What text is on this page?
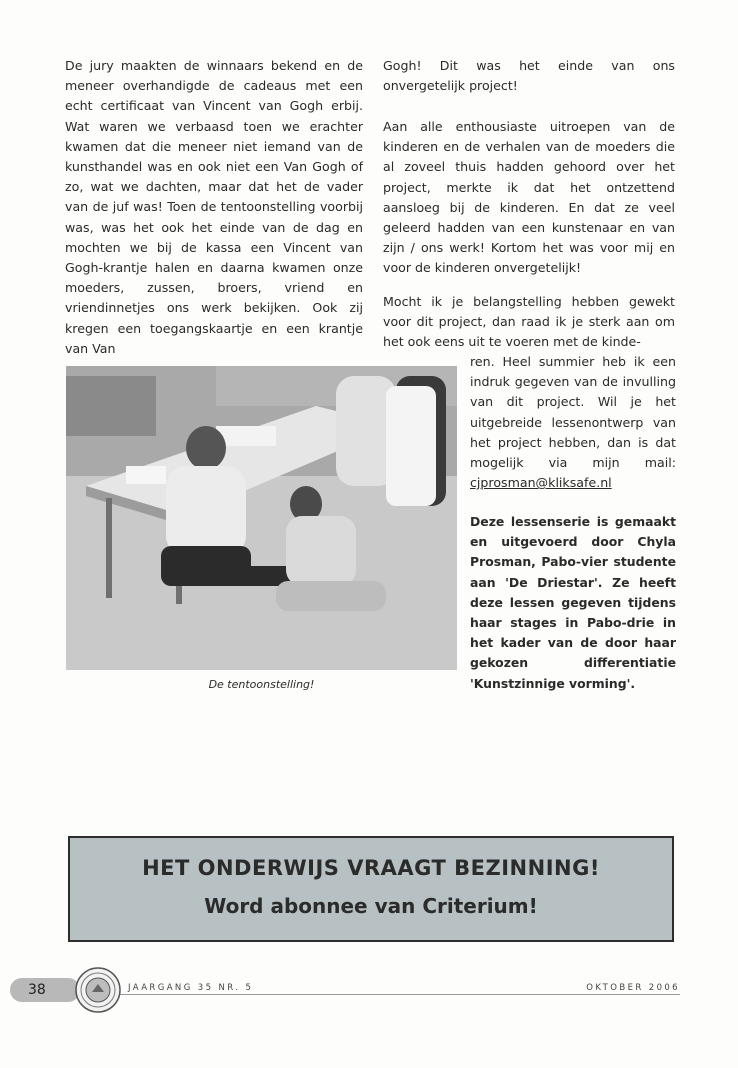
De jury maakten de winnaars bekend en de meneer overhandigde de cadeaus met een echt certificaat van Vincent van Gogh erbij. Wat waren we verbaasd toen we erachter kwamen dat die meneer niet iemand van de kunsthandel was en ook niet een Van Gogh of zo, wat we dachten, maar dat het de vader van de juf was! Toen de tentoonstelling voorbij was, was het ook het einde van de dag en mochten we bij de kassa een Vincent van Gogh-krantje halen en daarna kwamen onze moeders, zussen, broers, vriend en vriendinnetjes ons werk bekijken. Ook zij kregen een toegangskaartje en een krantje van Van

Gogh! Dit was het einde van ons onvergetelijk project!

Aan alle enthousiaste uitroepen van de kinderen en de verhalen van de moeders die al zoveel thuis hadden gehoord over het project, merkte ik dat het ontzettend aansloeg bij de kinderen. En dat ze veel geleerd hadden van een kunstenaar en van zijn / ons werk! Kortom het was voor mij en voor de kinderen onvergetelijk!

Mocht ik je belangstelling hebben gewekt voor dit project, dan raad ik je sterk aan om het ook eens uit te voeren met de kinde-

ren. Heel summier heb ik een indruk gegeven van de invulling van dit project. Wil je het uitgebreide lessenontwerp van het project hebben, dan is dat mogelijk via mijn mail: cjprosman@kliksafe.nl

Deze lessenserie is gemaakt en uitgevoerd door Chyla Prosman, Pabo-vier studente aan 'De Driestar'. Ze heeft deze lessen gegeven tijdens haar stages in Pabo-drie in het kader van de door haar gekozen differentiatie 'Kunstzinnige vorming'.

De tentoonstelling!
HET ONDERWIJS VRAAGT BEZINNING!
Word abonnee van Criterium!
38	JAARGANG 35 NR. 5	OKTOBER 2006
